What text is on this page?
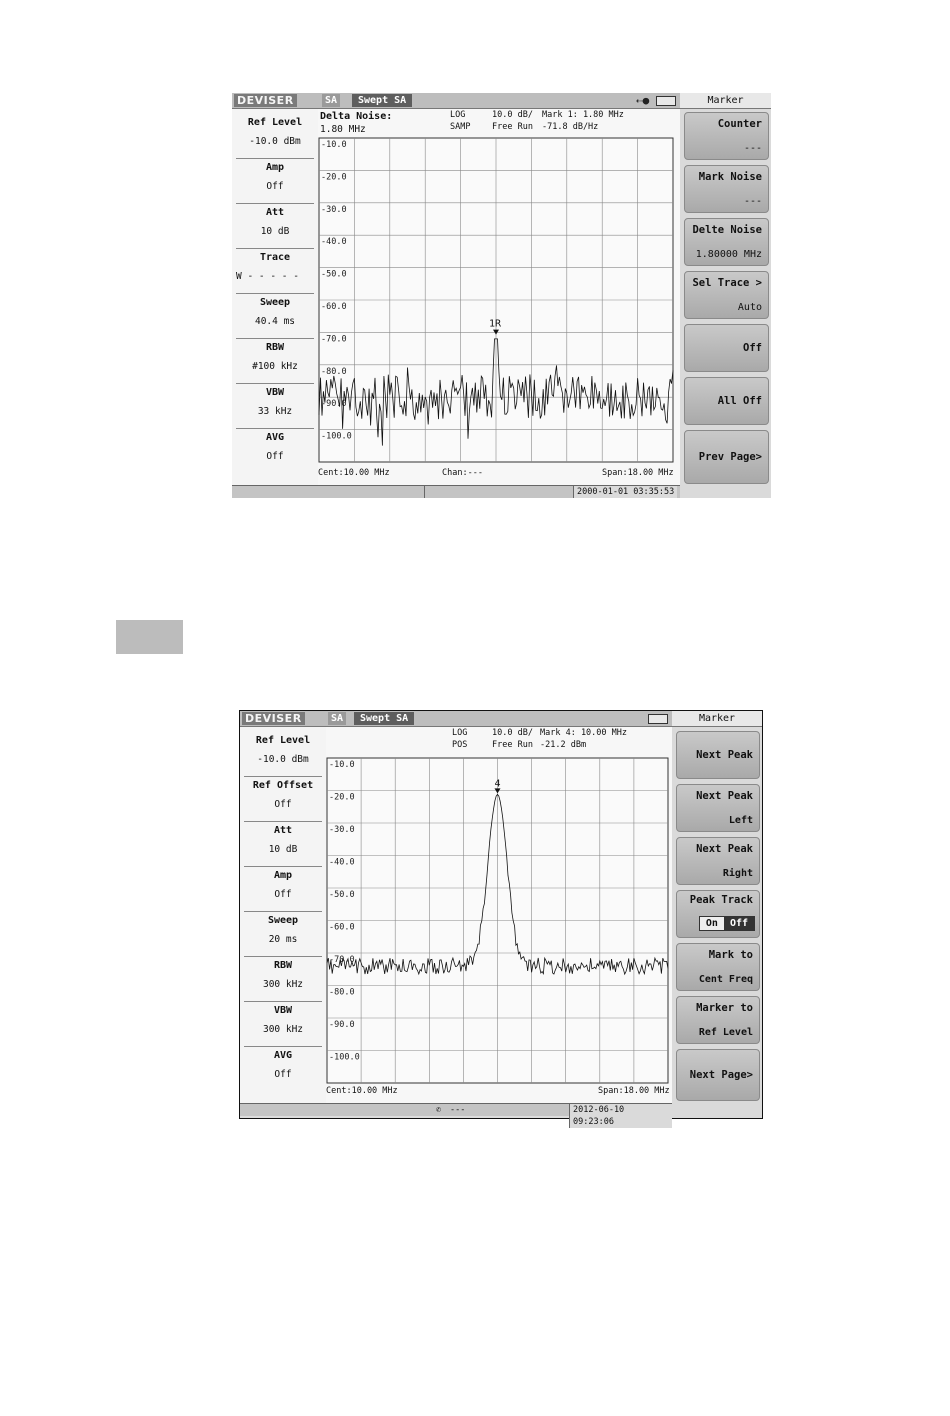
DEVISER	SA	Swept SA	⇠●
Ref Level
-10.0 dBm
Amp
Off
Att
10 dB
Trace
W - - - - -
Sweep
40.4 ms
RBW
#100 kHz
VBW
33 kHz
AVG
Off
Delta Noise:
1.80 MHz
LOG
SAMP
10.0 dB/
Free Run
Mark 1: 1.80 MHz
-71.8 dB/Hz
-10.0
-20.0
-30.0
-40.0
-50.0
-60.0
-70.0
-80.0
-90.0
-100.0
1R
Cent:10.00 MHz	Chan:---	Span:18.00 MHz
2000-01-01 03:35:53
Marker
Counter
---
Mark Noise
---
Delte Noise
1.80000 MHz
Sel Trace >
Auto
Off
All Off
Prev Page>
DEVISER	SA	Swept SA
Ref Level
-10.0 dBm
Ref Offset
Off
Att
10 dB
Amp
Off
Sweep
20 ms
RBW
300 kHz
VBW
300 kHz
AVG
Off
LOG
POS
10.0 dB/
Free Run
Mark 4: 10.00 MHz
-21.2 dBm
-10.0
-20.0
-30.0
-40.0
-50.0
-60.0
-70.0
-80.0
-90.0
-100.0
4
Cent:10.00 MHz	Span:18.00 MHz
✆ ---	2012-06-10 09:23:06
Marker
Next Peak
Next Peak
Left
Next Peak
Right
Peak Track
On	Off
Mark to
Cent Freq
Marker to
Ref Level
Next Page>
